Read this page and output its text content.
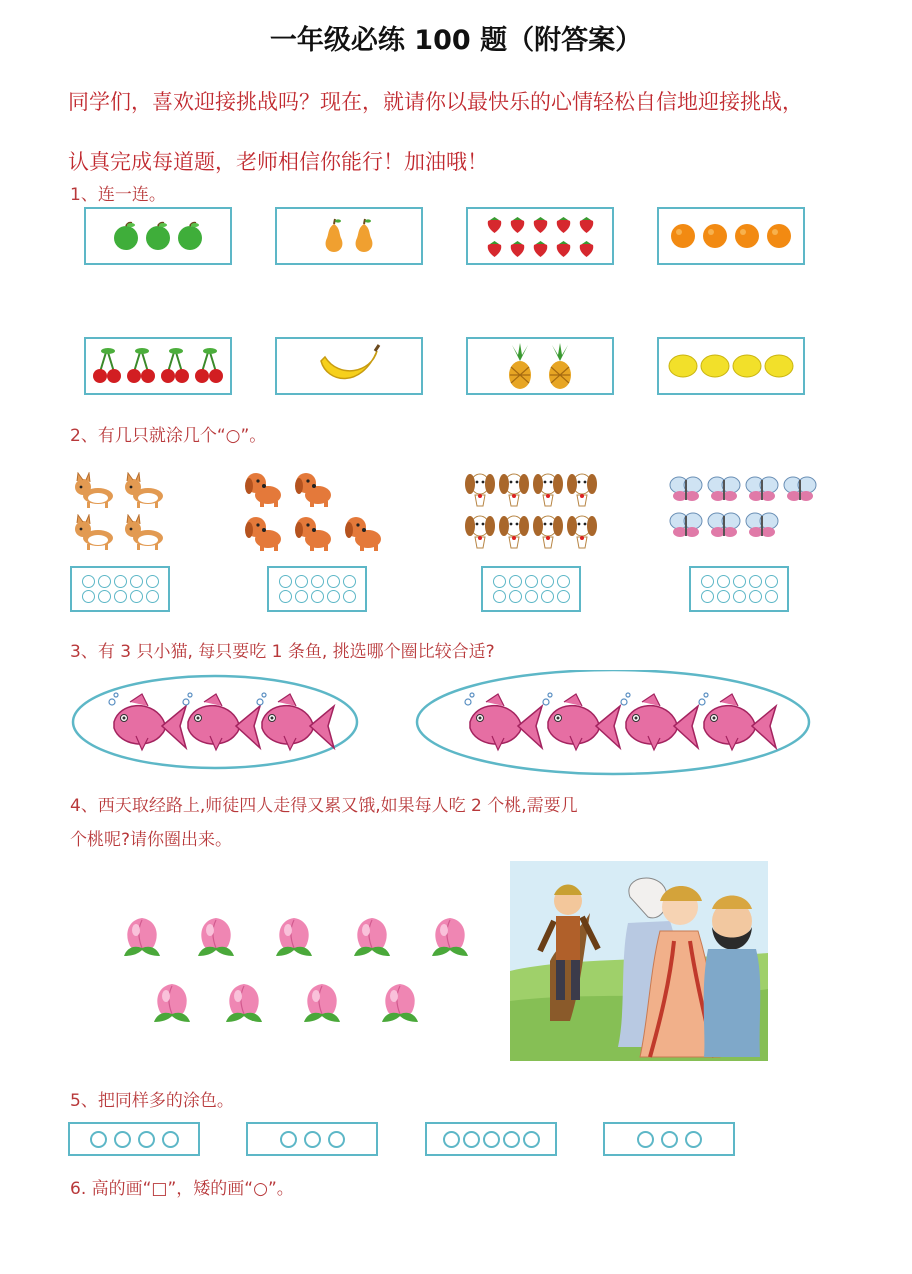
一年级必练 100 题（附答案）
同学们，喜欢迎接挑战吗？现在，就请你以最快乐的心情轻松自信地迎接挑战，
认真完成每道题，老师相信你能行！加油哦！
1、连一连。
2、有几只就涂几个“○”。
3、有 3 只小猫, 每只要吃 1 条鱼, 挑选哪个圈比较合适?
4、西天取经路上,师徒四人走得又累又饿,如果每人吃 2 个桃,需要几
个桃呢?请你圈出来。
5、把同样多的涂色。
6. 高的画“□”，矮的画“○”。
